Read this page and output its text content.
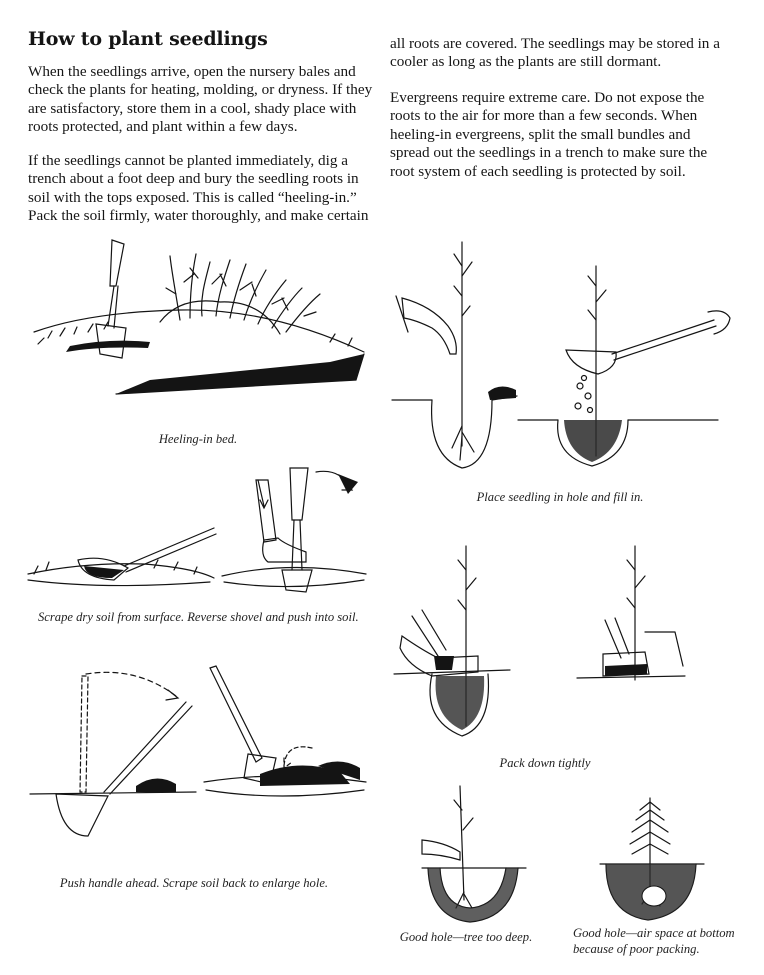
How to plant seedlings

When the seedlings arrive, open the nursery bales and check the plants for heating, molding, or dryness. If they are satisfactory, store them in a cool, shady place with roots protected, and plant within a few days.

If the seedlings cannot be planted immediately, dig a trench about a foot deep and bury the seedling roots in soil with the tops exposed. This is called “heeling-in.” Pack the soil firmly, water thoroughly, and make certain

all roots are covered. The seedlings may be stored in a cooler as long as the plants are still dormant.

Evergreens require extreme care. Do not expose the roots to the air for more than a few seconds. When heeling-in evergreens, split the small bundles and spread out the seedlings in a trench to make sure the root system of each seedling is protected by soil.

Heeling-in bed.

Place seedling in hole and fill in.

Scrape dry soil from surface. Reverse shovel and push into soil.

Pack down tightly

Push handle ahead. Scrape soil back to enlarge hole.

Good hole—tree too deep.	Good hole—air space at bottom

because of poor packing.
